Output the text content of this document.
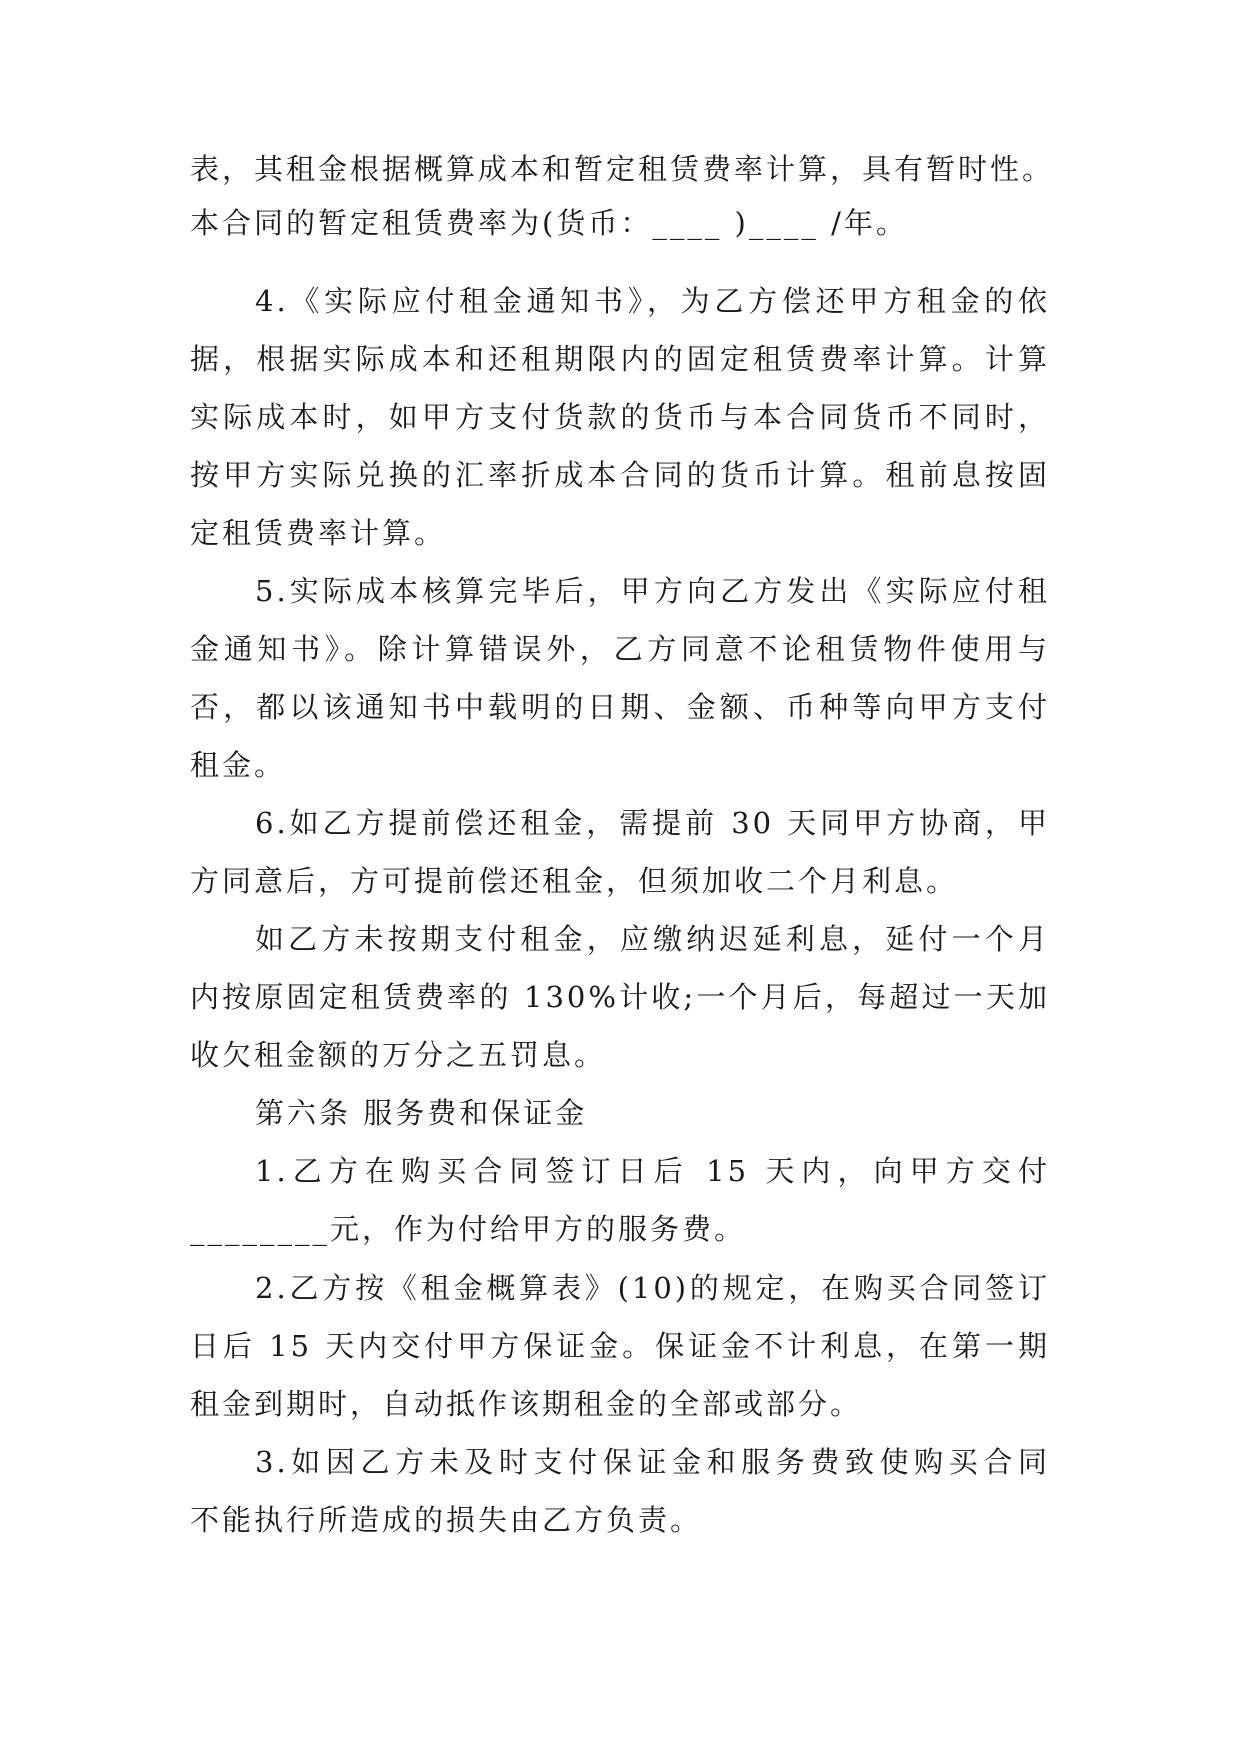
表，其租金根据概算成本和暂定租赁费率计算，具有暂时性。
本合同的暂定租赁费率为(货币：____ )____ /年。
4.《实际应付租金通知书》，为乙方偿还甲方租金的依
据，根据实际成本和还租期限内的固定租赁费率计算。计算
实际成本时，如甲方支付货款的货币与本合同货币不同时，
按甲方实际兑换的汇率折成本合同的货币计算。租前息按固
定租赁费率计算。
5.实际成本核算完毕后，甲方向乙方发出《实际应付租
金通知书》。除计算错误外，乙方同意不论租赁物件使用与
否，都以该通知书中载明的日期、金额、币种等向甲方支付
租金。
6.如乙方提前偿还租金，需提前 30 天同甲方协商，甲
方同意后，方可提前偿还租金，但须加收二个月利息。
如乙方未按期支付租金，应缴纳迟延利息，延付一个月
内按原固定租赁费率的 130%计收;一个月后，每超过一天加
收欠租金额的万分之五罚息。
第六条 服务费和保证金
1.乙方在购买合同签订日后 15 天内，向甲方交付
________元，作为付给甲方的服务费。
2.乙方按《租金概算表》(10)的规定，在购买合同签订
日后 15 天内交付甲方保证金。保证金不计利息，在第一期
租金到期时，自动抵作该期租金的全部或部分。
3.如因乙方未及时支付保证金和服务费致使购买合同
不能执行所造成的损失由乙方负责。
